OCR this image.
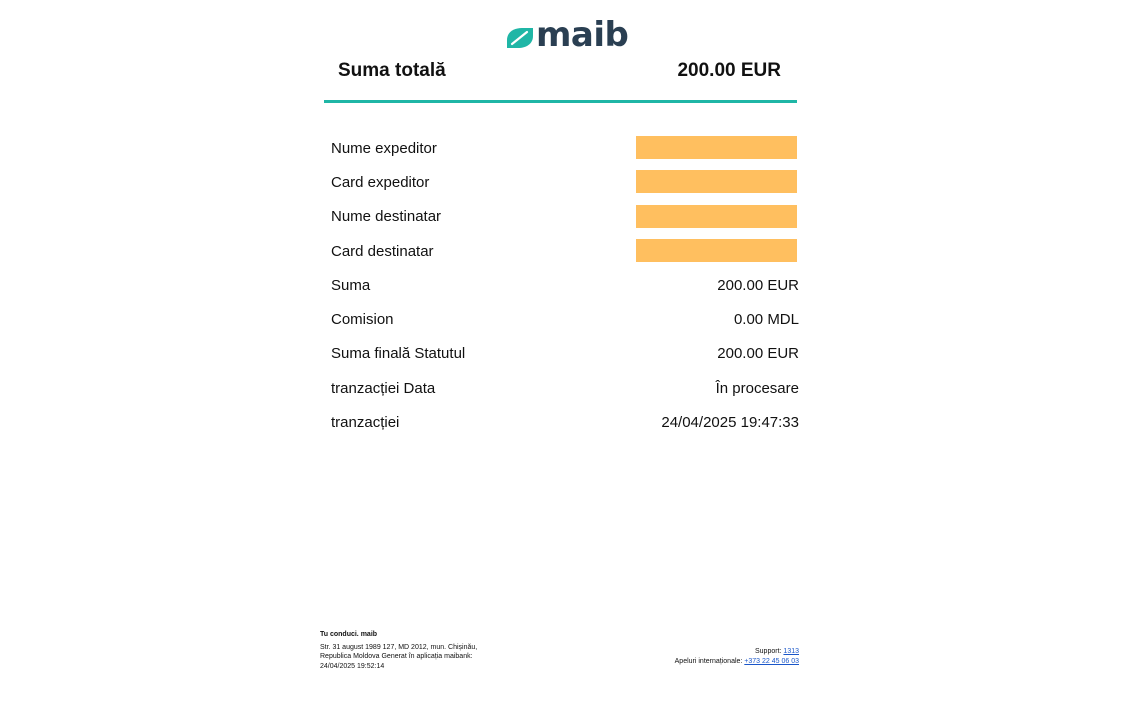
maib
Suma totală	200.00 EUR
Nume expeditor
Card expeditor
Nume destinatar
Card destinatar
Suma	200.00 EUR
Comision	0.00 MDL
Suma finală Statutul	200.00 EUR
tranzacției Data	În procesare
tranzacției	24/04/2025 19:47:33
Tu conduci. maib
Str. 31 august 1989 127, MD 2012, mun. Chișinău,
Republica Moldova Generat în aplicația maibank:
24/04/2025 19:52:14
Support: 1313
Apeluri internaționale: +373 22 45 06 03
